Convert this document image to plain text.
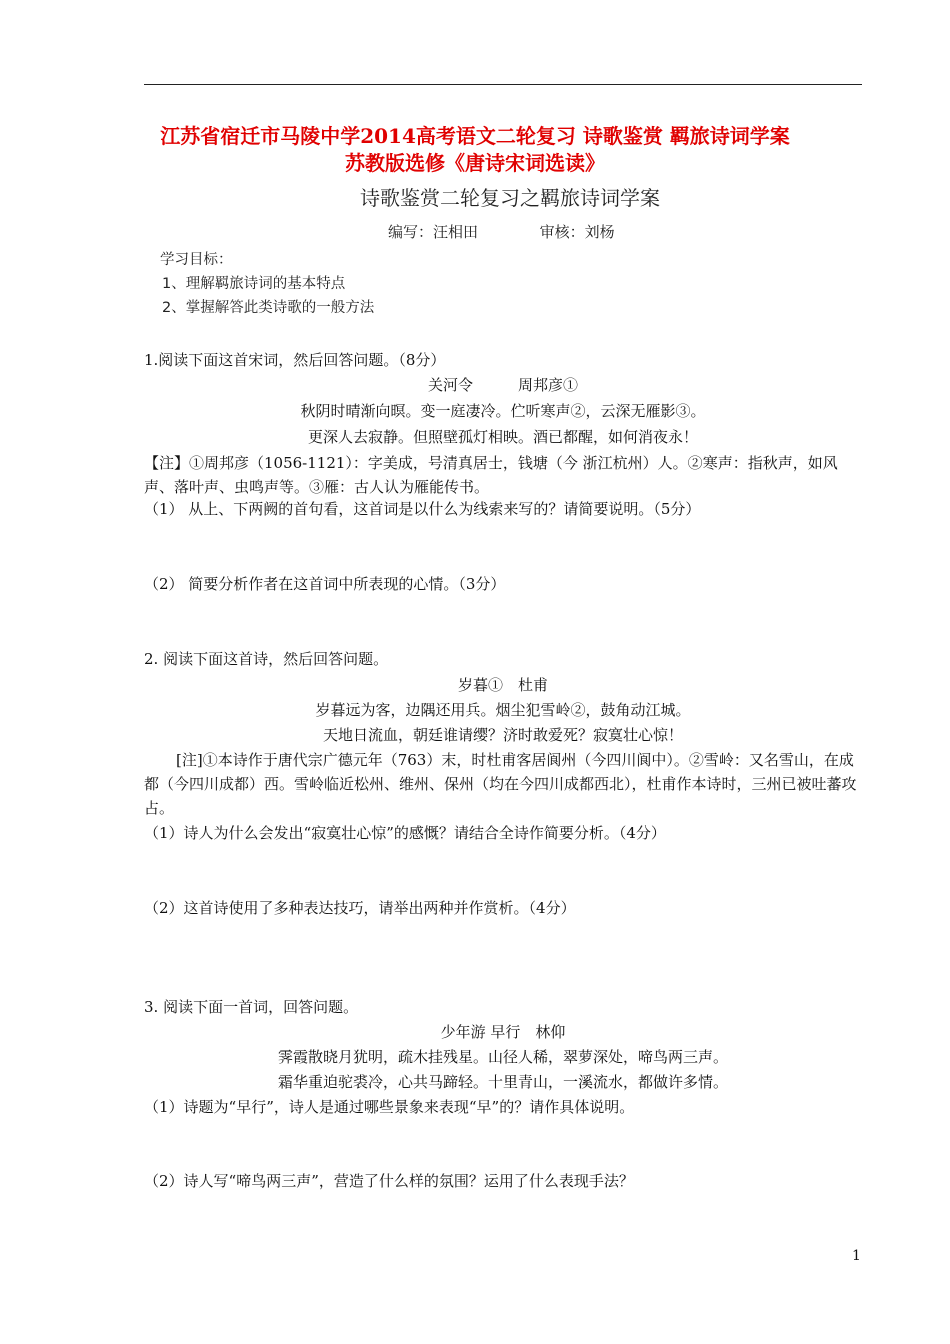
江苏省宿迁市马陵中学2014高考语文二轮复习 诗歌鉴赏 羁旅诗词学案
苏教版选修《唐诗宋词选读》
诗歌鉴赏二轮复习之羁旅诗词学案
编写：汪相田	审核：刘杨
学习目标：
1、理解羁旅诗词的基本特点
2、掌握解答此类诗歌的一般方法
1.阅读下面这首宋词，然后回答问题。（8分）
关河令　　　周邦彦①
秋阴时晴渐向暝。变一庭凄冷。伫听寒声②，云深无雁影③。
更深人去寂静。但照壁孤灯相映。酒已都醒，如何消夜永！
【注】①周邦彦（1056-1121）：字美成，号清真居士，钱塘（今 浙江杭州）人。②寒声：指秋声，如风声、落叶声、虫鸣声等。③雁：古人认为雁能传书。
（1） 从上、下两阙的首句看，这首词是以什么为线索来写的？请简要说明。（5分）
（2） 简要分析作者在这首词中所表现的心情。（3分）
2. 阅读下面这首诗，然后回答问题。
岁暮①　杜甫
岁暮远为客，边隅还用兵。烟尘犯雪岭②，鼓角动江城。
天地日流血，朝廷谁请缨？济时敢爱死？寂寞壮心惊！
[注]①本诗作于唐代宗广德元年（763）末，时杜甫客居阆州（今四川阆中）。②雪岭：又名雪山，在成都（今四川成都）西。雪岭临近松州、维州、保州（均在今四川成都西北），杜甫作本诗时，三州已被吐蕃攻占。
（1）诗人为什么会发出“寂寞壮心惊”的感慨？请结合全诗作简要分析。（4分）
（2）这首诗使用了多种表达技巧，请举出两种并作赏析。（4分）
3. 阅读下面一首词，回答问题。
少年游 早行　林仰
霁霞散晓月犹明，疏木挂残星。山径人稀，翠萝深处，啼鸟两三声。
霜华重迫驼裘冷，心共马蹄轻。十里青山，一溪流水，都做许多情。
（1）诗题为“早行”，诗人是通过哪些景象来表现“早”的？请作具体说明。
（2）诗人写“啼鸟两三声”，营造了什么样的氛围？运用了什么表现手法？
1
